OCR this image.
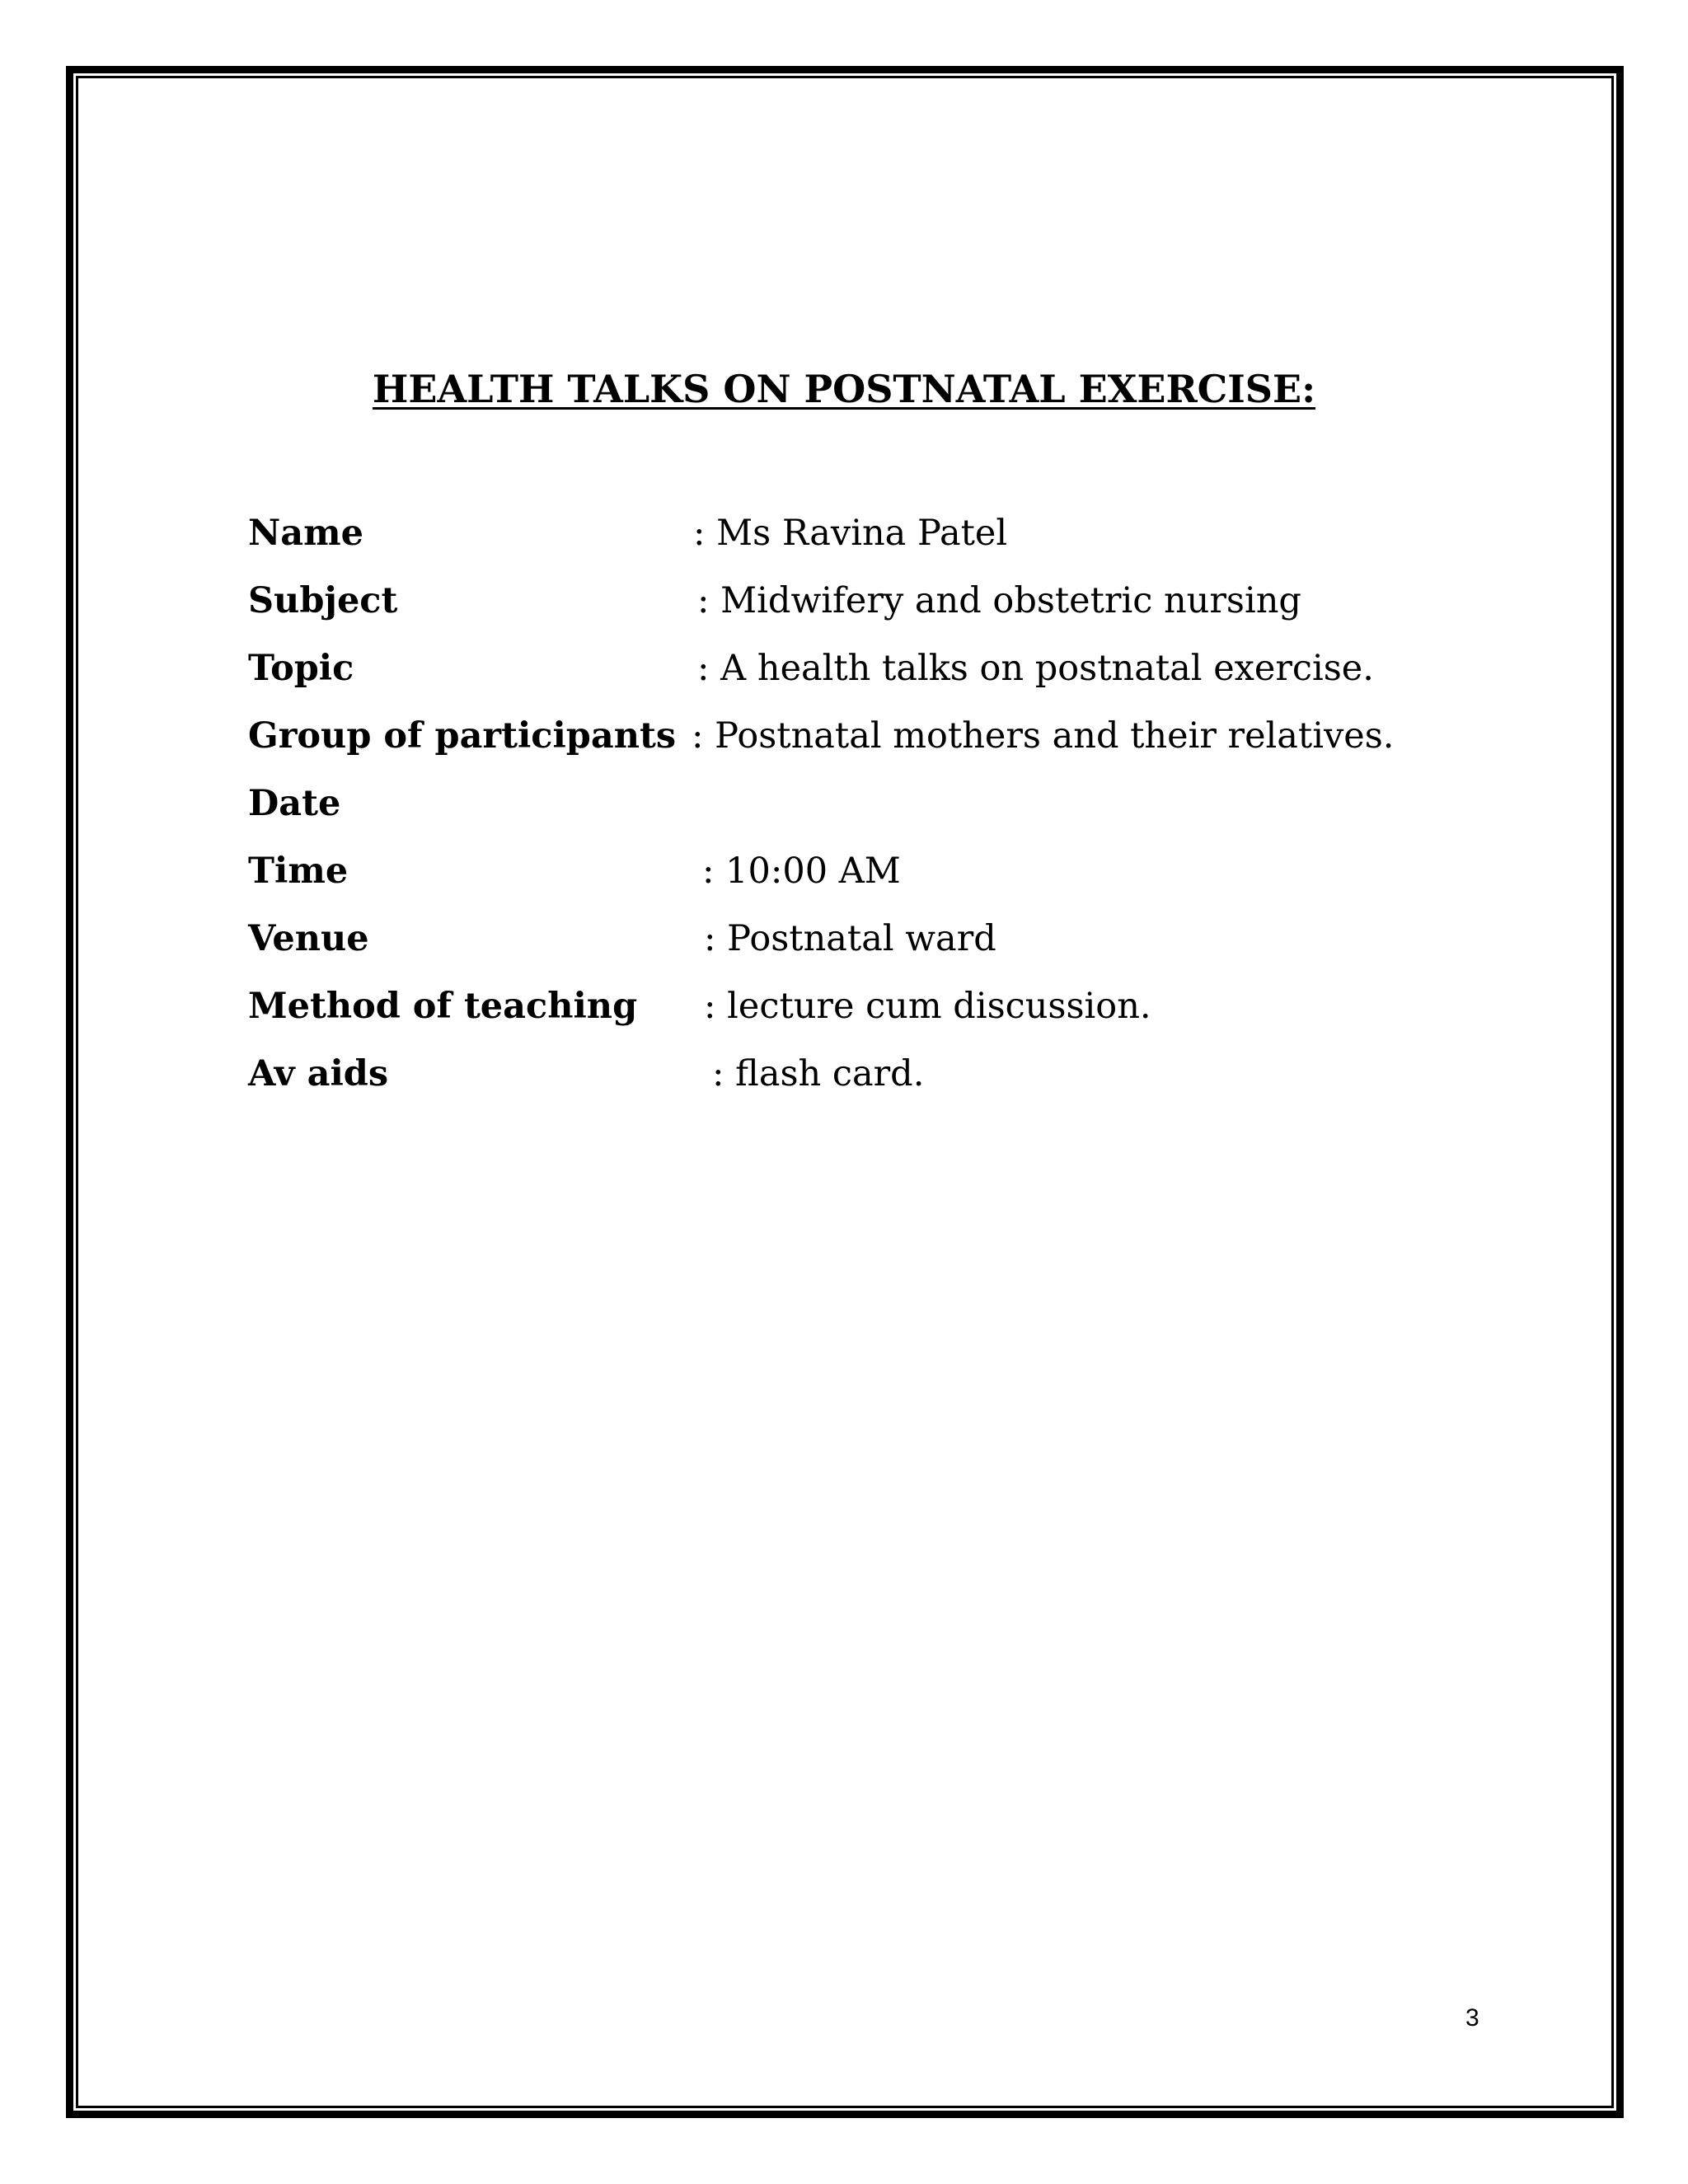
HEALTH TALKS ON POSTNATAL EXERCISE:
Name	: Ms Ravina Patel
Subject	: Midwifery and obstetric nursing
Topic	: A health talks on postnatal exercise.
Group of participants : Postnatal mothers and their relatives.
Date
Time	: 10:00 AM
Venue	: Postnatal ward
Method of teaching : lecture cum discussion.
Av aids	: flash card.
3
